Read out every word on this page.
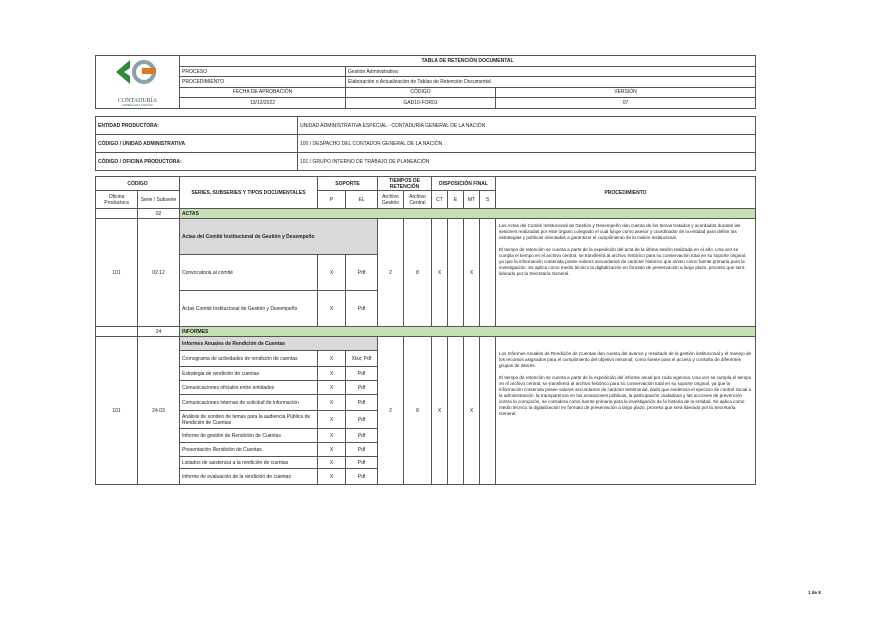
CONTADURÍA
GENERAL DE LA NACIÓN		TABLA DE RETENCIÓN DOCUMENTAL										
		PROCESO			Gestión Administrativa							
		PROCEDIMIENTO			Elaboración o Actualización de Tablas de Retención Documental							
		FECHA DE APROBACIÓN			CÓDIGO							VERSIÓN
		13/12/2022			GAD10-FOR01							07

ENTIDAD PRODUCTORA:			UNIDAD ADMINISTRATIVA ESPECIAL - CONTADURÍA GENERAL DE LA NACIÓN									
CÓDIGO / UNIDAD ADMINISTRATIVA			100 / DESPACHO DEL CONTADOR GENERAL DE LA NACIÓN									
CÓDIGO / OFICINA PRODUCTORA:			101 / GRUPO INTERNO DE TRABAJO DE PLANEACIÓN									

CÓDIGO		SERIES, SUBSERIES Y TIPOS DOCUMENTALES		SOPORTE		TIEMPOS DE RETENCIÓN		DISPOSICIÓN FINAL				PROCEDIMIENTO
Oficina Productora	Serie / Subserie			P	EL	Archivo Gestión	Archivo Central	CT	E	MT	S	
	02	ACTAS										
101	02.12	Actas del Comité Institucional de Gestión y Desempeño				2	8	X		X		Las Actas del Comité Institucional de Gestión y Desempeño dan cuenta de los temas tratados y acordados durante las sesiones realizadas por este órgano colegiado el cual funge como asesor y coordinador de la entidad para definir las estrategias y políticas orientadas a garantizar el cumplimiento de la misión institucional.

El tiempo de retención se cuenta a partir de la expedición del acta de la última sesión realizada en el año. Una vez se cumpla el tiempo en el archivo central, se transferirá al archivo histórico para su conservación total en su soporte original, ya que la información contenida posee valores secundarios de carácter histórico que sirven como fuente primaria para la investigación. Se aplica como medio técnico la digitalización en formato de preservación a largo plazo, proceso que será liderado por la Secretaría General.

		Convocatoria al comité		X	Pdf							
		Actas Comité Institucional de Gestión y Desempeño		X	Pdf							
	24	INFORMES										
101	24.03	Informes Anuales de Rendición de Cuentas				2	8	X		X		Los Informes Anuales de Rendición de Cuentas dan cuenta del avance y resultado de la gestión institucional y el manejo de los recursos asignados para el cumplimiento del objetivo misional, como fuente para el acceso y consulta de diferentes grupos de interés.

El tiempo de retención se cuenta a partir de la expedición del informe anual por cada vigencia. Una vez se cumpla el tiempo en el archivo central, se transferirá al archivo histórico para su conservación total en su soporte original, ya que la información contenida posee valores secundarios de carácter testimonial, dado que evidencia el ejercicio de control social a la administración, la transparencia en las actuaciones públicas, la participación ciudadana y las acciones de prevención contra la corrupción, se considera como fuente primaria para la investigación de la historia de la entidad. Se aplica como medio técnico la digitalización en formato de preservación a largo plazo, proceso que será liderado por la Secretaría General.

		Cronograma de actividades de rendición de cuentas		X	Xlsx; Pdf							
		Estrategia de rendición de cuentas		X	Pdf							
		Comunicaciones oficiales entre entidades		X	Pdf							
		Comunicaciones internas de solicitud de información		X	Pdf							
		Análisis de sondeo de temas para la audiencia Pública de Rendición de Cuentas		X	Pdf							
		Informe de gestión de Rendición de Cuentas		X	Pdf							
		Presentación Rendición de Cuentas		X	Pdf							
		Listados de asistencia a la rendición de cuentas		X	Pdf							
		Informe de evaluación de la rendición de cuentas		X	Pdf							
1 de 8
